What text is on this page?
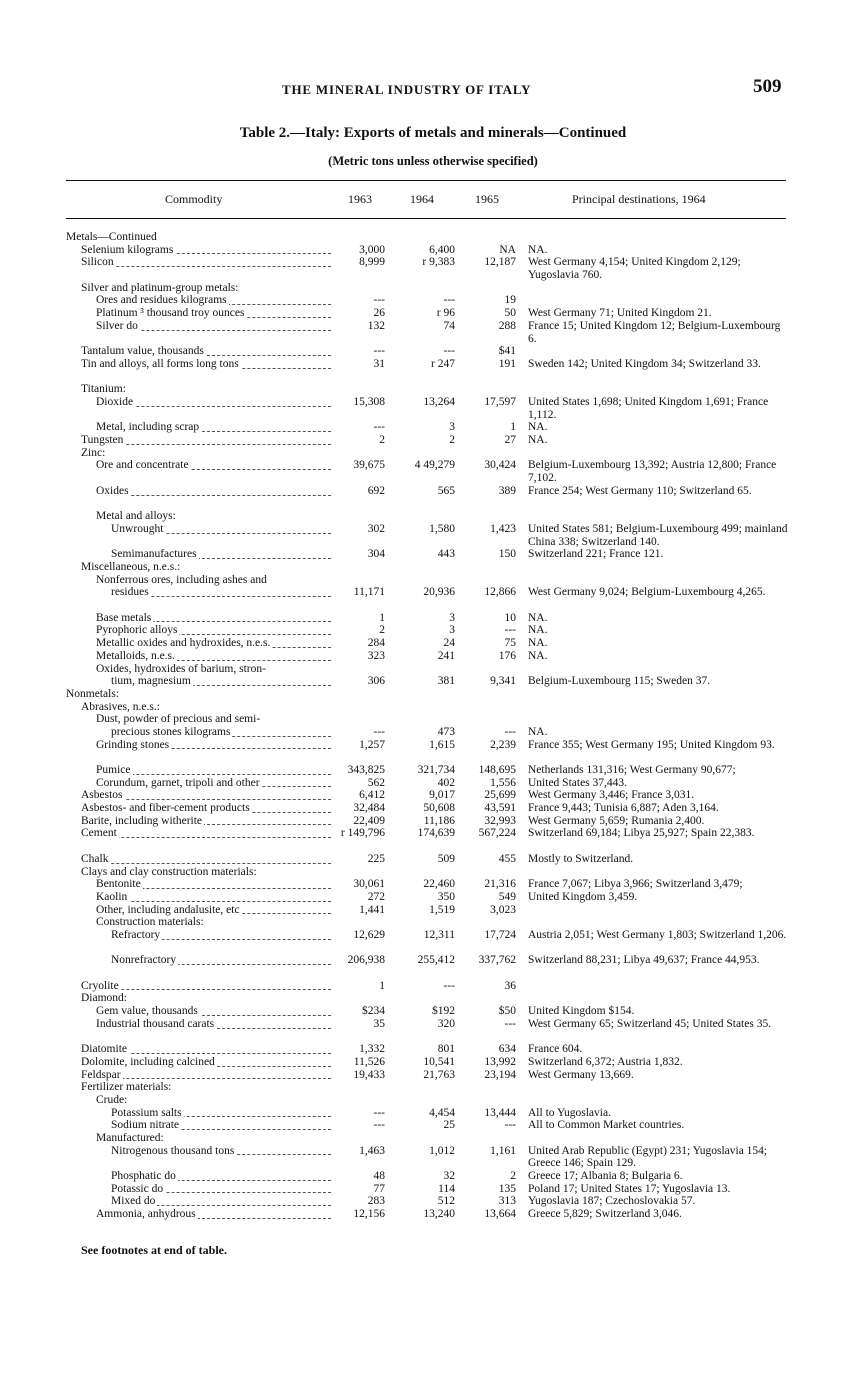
THE MINERAL INDUSTRY OF ITALY	509
Table 2.—Italy: Exports of metals and minerals—Continued
(Metric tons unless otherwise specified)
Commodity	1963	1964	1965	Principal destinations, 1964
Metals—Continued
Selenium kilograms	3,000	6,400	NA NA.
Silicon	8,999	r 9,383	12,187 West Germany 4,154; United Kingdom 2,129; Yugoslavia 760.
Silver and platinum-group metals:
Ores and residues kilograms	---	---	19
Platinum ³ thousand troy ounces	26	r 96	50 West Germany 71; United Kingdom 21.
Silver do	132	74	288 France 15; United Kingdom 12; Belgium-Luxembourg 6.
Tantalum value, thousands	---	---	$41
Tin and alloys, all forms long tons	31	r 247	191 Sweden 142; United Kingdom 34; Switzerland 33.
Titanium:
Dioxide	15,308	13,264	17,597 United States 1,698; United Kingdom 1,691; France 1,112.
Metal, including scrap	---	3	1 NA.
Tungsten	2	2	27 NA.
Zinc:
Ore and concentrate	39,675	4 49,279	30,424 Belgium-Luxembourg 13,392; Austria 12,800; France 7,102.
Oxides	692	565	389 France 254; West Germany 110; Switzerland 65.
Metal and alloys:
Unwrought	302	1,580	1,423 United States 581; Belgium-Luxembourg 499; mainland China 338; Switzerland 140.
Semimanufactures	304	443	150 Switzerland 221; France 121.
Miscellaneous, n.e.s.:
Nonferrous ores, including ashes and
residues	11,171	20,936	12,866 West Germany 9,024; Belgium-Luxembourg 4,265.
Base metals	1	3	10 NA.
Pyrophoric alloys	2	3	--- NA.
Metallic oxides and hydroxides, n.e.s.	284	24	75 NA.
Metalloids, n.e.s.	323	241	176 NA.
Oxides, hydroxides of barium, stron-
tium, magnesium	306	381	9,341 Belgium-Luxembourg 115; Sweden 37.
Nonmetals:
Abrasives, n.e.s.:
Dust, powder of precious and semi-
precious stones kilograms	---	473	--- NA.
Grinding stones	1,257	1,615	2,239 France 355; West Germany 195; United Kingdom 93.
Pumice	343,825	321,734	148,695 Netherlands 131,316; West Germany 90,677;
Corundum, garnet, tripoli and other	562	402	1,556 United States 37,443.
Asbestos	6,412	9,017	25,699 West Germany 3,446; France 3,031.
Asbestos- and fiber-cement products	32,484	50,608	43,591 France 9,443; Tunisia 6,887; Aden 3,164.
Barite, including witherite	22,409	11,186	32,993 West Germany 5,659; Rumania 2,400.
Cement	r 149,796	174,639	567,224 Switzerland 69,184; Libya 25,927; Spain 22,383.
Chalk	225	509	455 Mostly to Switzerland.
Clays and clay construction materials:
Bentonite	30,061	22,460	21,316 France 7,067; Libya 3,966; Switzerland 3,479;
Kaolin	272	350	549 United Kingdom 3,459.
Other, including andalusite, etc	1,441	1,519	3,023
Construction materials:
Refractory	12,629	12,311	17,724 Austria 2,051; West Germany 1,803; Switzerland 1,206.
Nonrefractory	206,938	255,412	337,762 Switzerland 88,231; Libya 49,637; France 44,953.
Cryolite	1	---	36
Diamond:
Gem value, thousands	$234	$192	$50 United Kingdom $154.
Industrial thousand carats	35	320	--- West Germany 65; Switzerland 45; United States 35.
Diatomite	1,332	801	634 France 604.
Dolomite, including calcined	11,526	10,541	13,992 Switzerland 6,372; Austria 1,832.
Feldspar	19,433	21,763	23,194 West Germany 13,669.
Fertilizer materials:
Crude:
Potassium salts	---	4,454	13,444 All to Yugoslavia.
Sodium nitrate	---	25	--- All to Common Market countries.
Manufactured:
Nitrogenous thousand tons	1,463	1,012	1,161 United Arab Republic (Egypt) 231; Yugoslavia 154; Greece 146; Spain 129.
Phosphatic do	48	32	2 Greece 17; Albania 8; Bulgaria 6.
Potassic do	77	114	135 Poland 17; United States 17; Yugoslavia 13.
Mixed do	283	512	313 Yugoslavia 187; Czechoslovakia 57.
Ammonia, anhydrous	12,156	13,240	13,664 Greece 5,829; Switzerland 3,046.
See footnotes at end of table.
